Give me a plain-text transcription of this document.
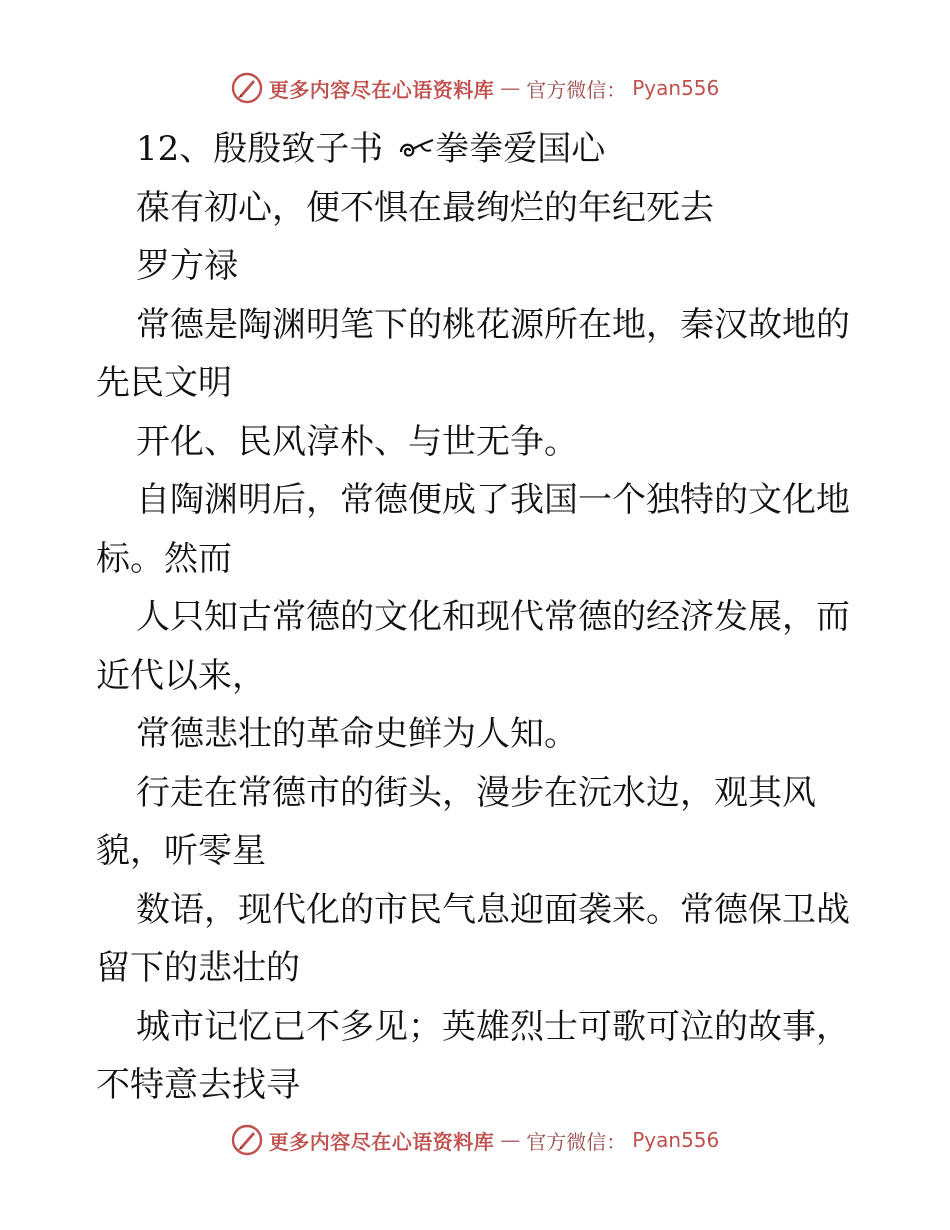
更多内容尽在心语资料库 — 官方微信： Pyan556
12、殷殷致子书 拳拳爱国心
葆有初心，便不惧在最绚烂的年纪死去
罗方禄
常德是陶渊明笔下的桃花源所在地，秦汉故地的
先民文明
开化、民风淳朴、与世无争。
自陶渊明后，常德便成了我国一个独特的文化地
标。然而
人只知古常德的文化和现代常德的经济发展，而
近代以来，
常德悲壮的革命史鲜为人知。
行走在常德市的街头，漫步在沅水边，观其风
貌，听零星
数语，现代化的市民气息迎面袭来。常德保卫战
留下的悲壮的
城市记忆已不多见；英雄烈士可歌可泣的故事，
不特意去找寻
更多内容尽在心语资料库 — 官方微信： Pyan556
